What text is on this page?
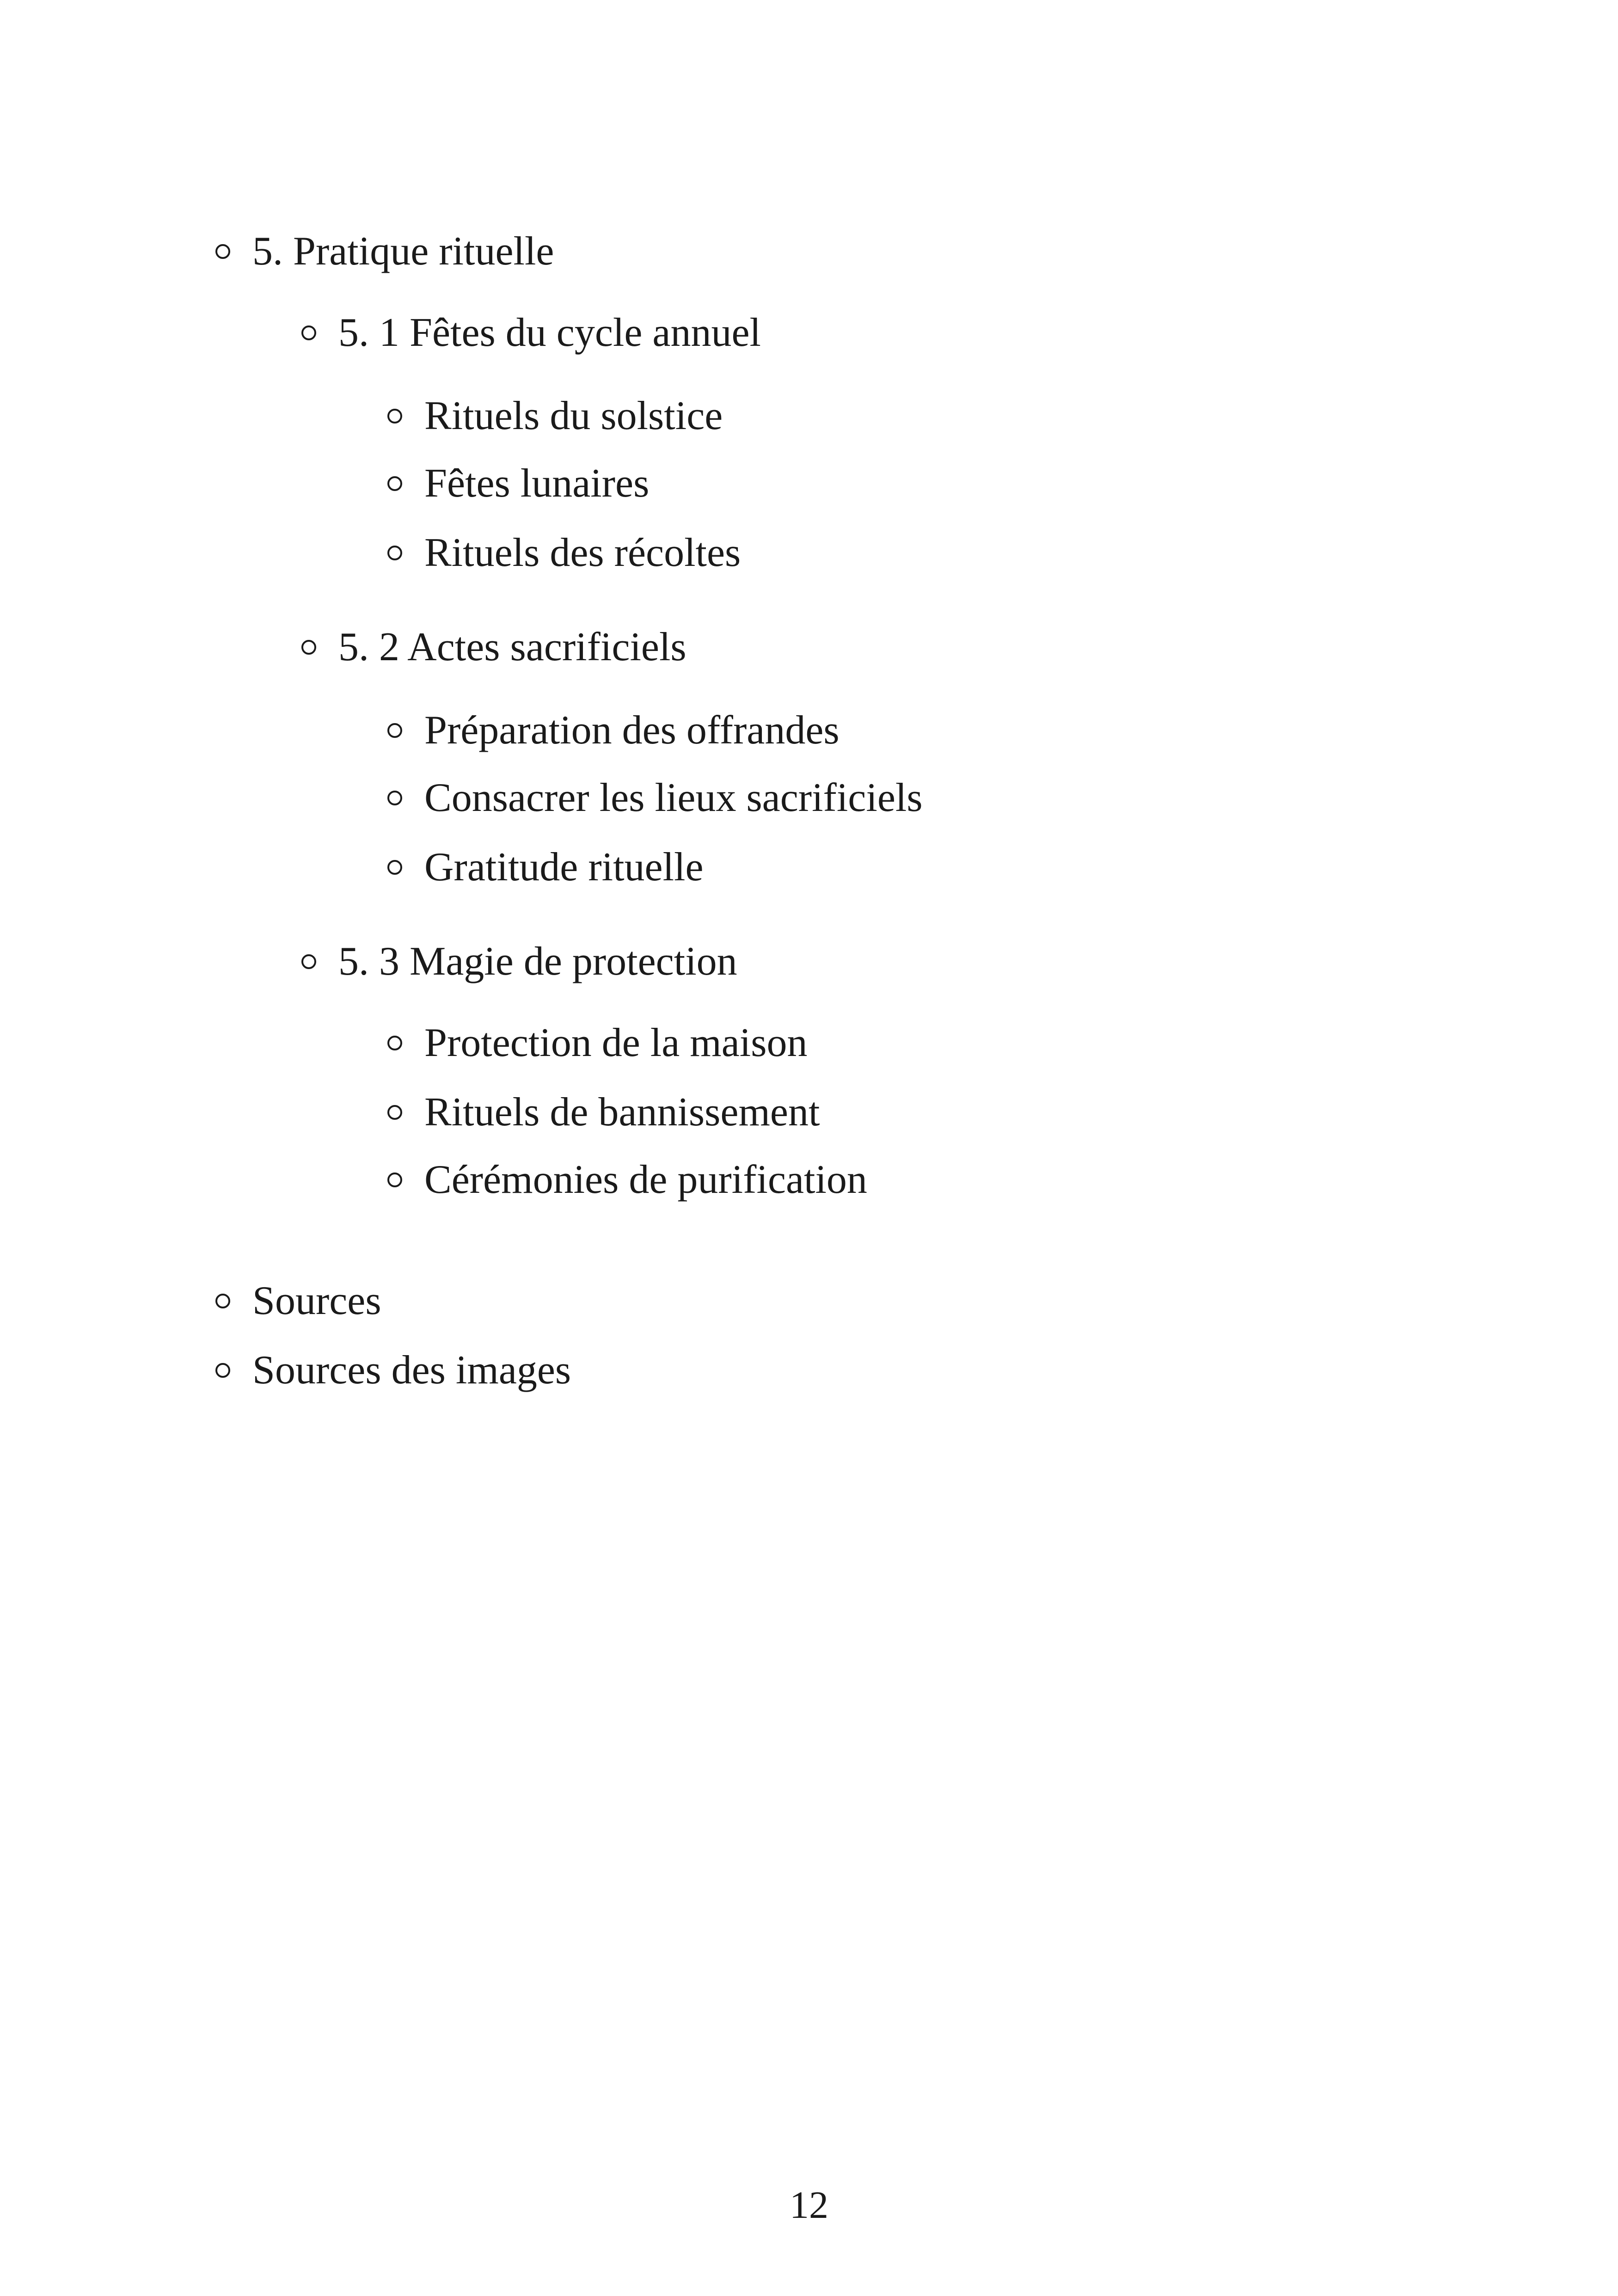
5. Pratique rituelle
5. 1 Fêtes du cycle annuel
Rituels du solstice
Fêtes lunaires
Rituels des récoltes
5. 2 Actes sacrificiels
Préparation des offrandes
Consacrer les lieux sacrificiels
Gratitude rituelle
5. 3 Magie de protection
Protection de la maison
Rituels de bannissement
Cérémonies de purification
Sources
Sources des images
12
